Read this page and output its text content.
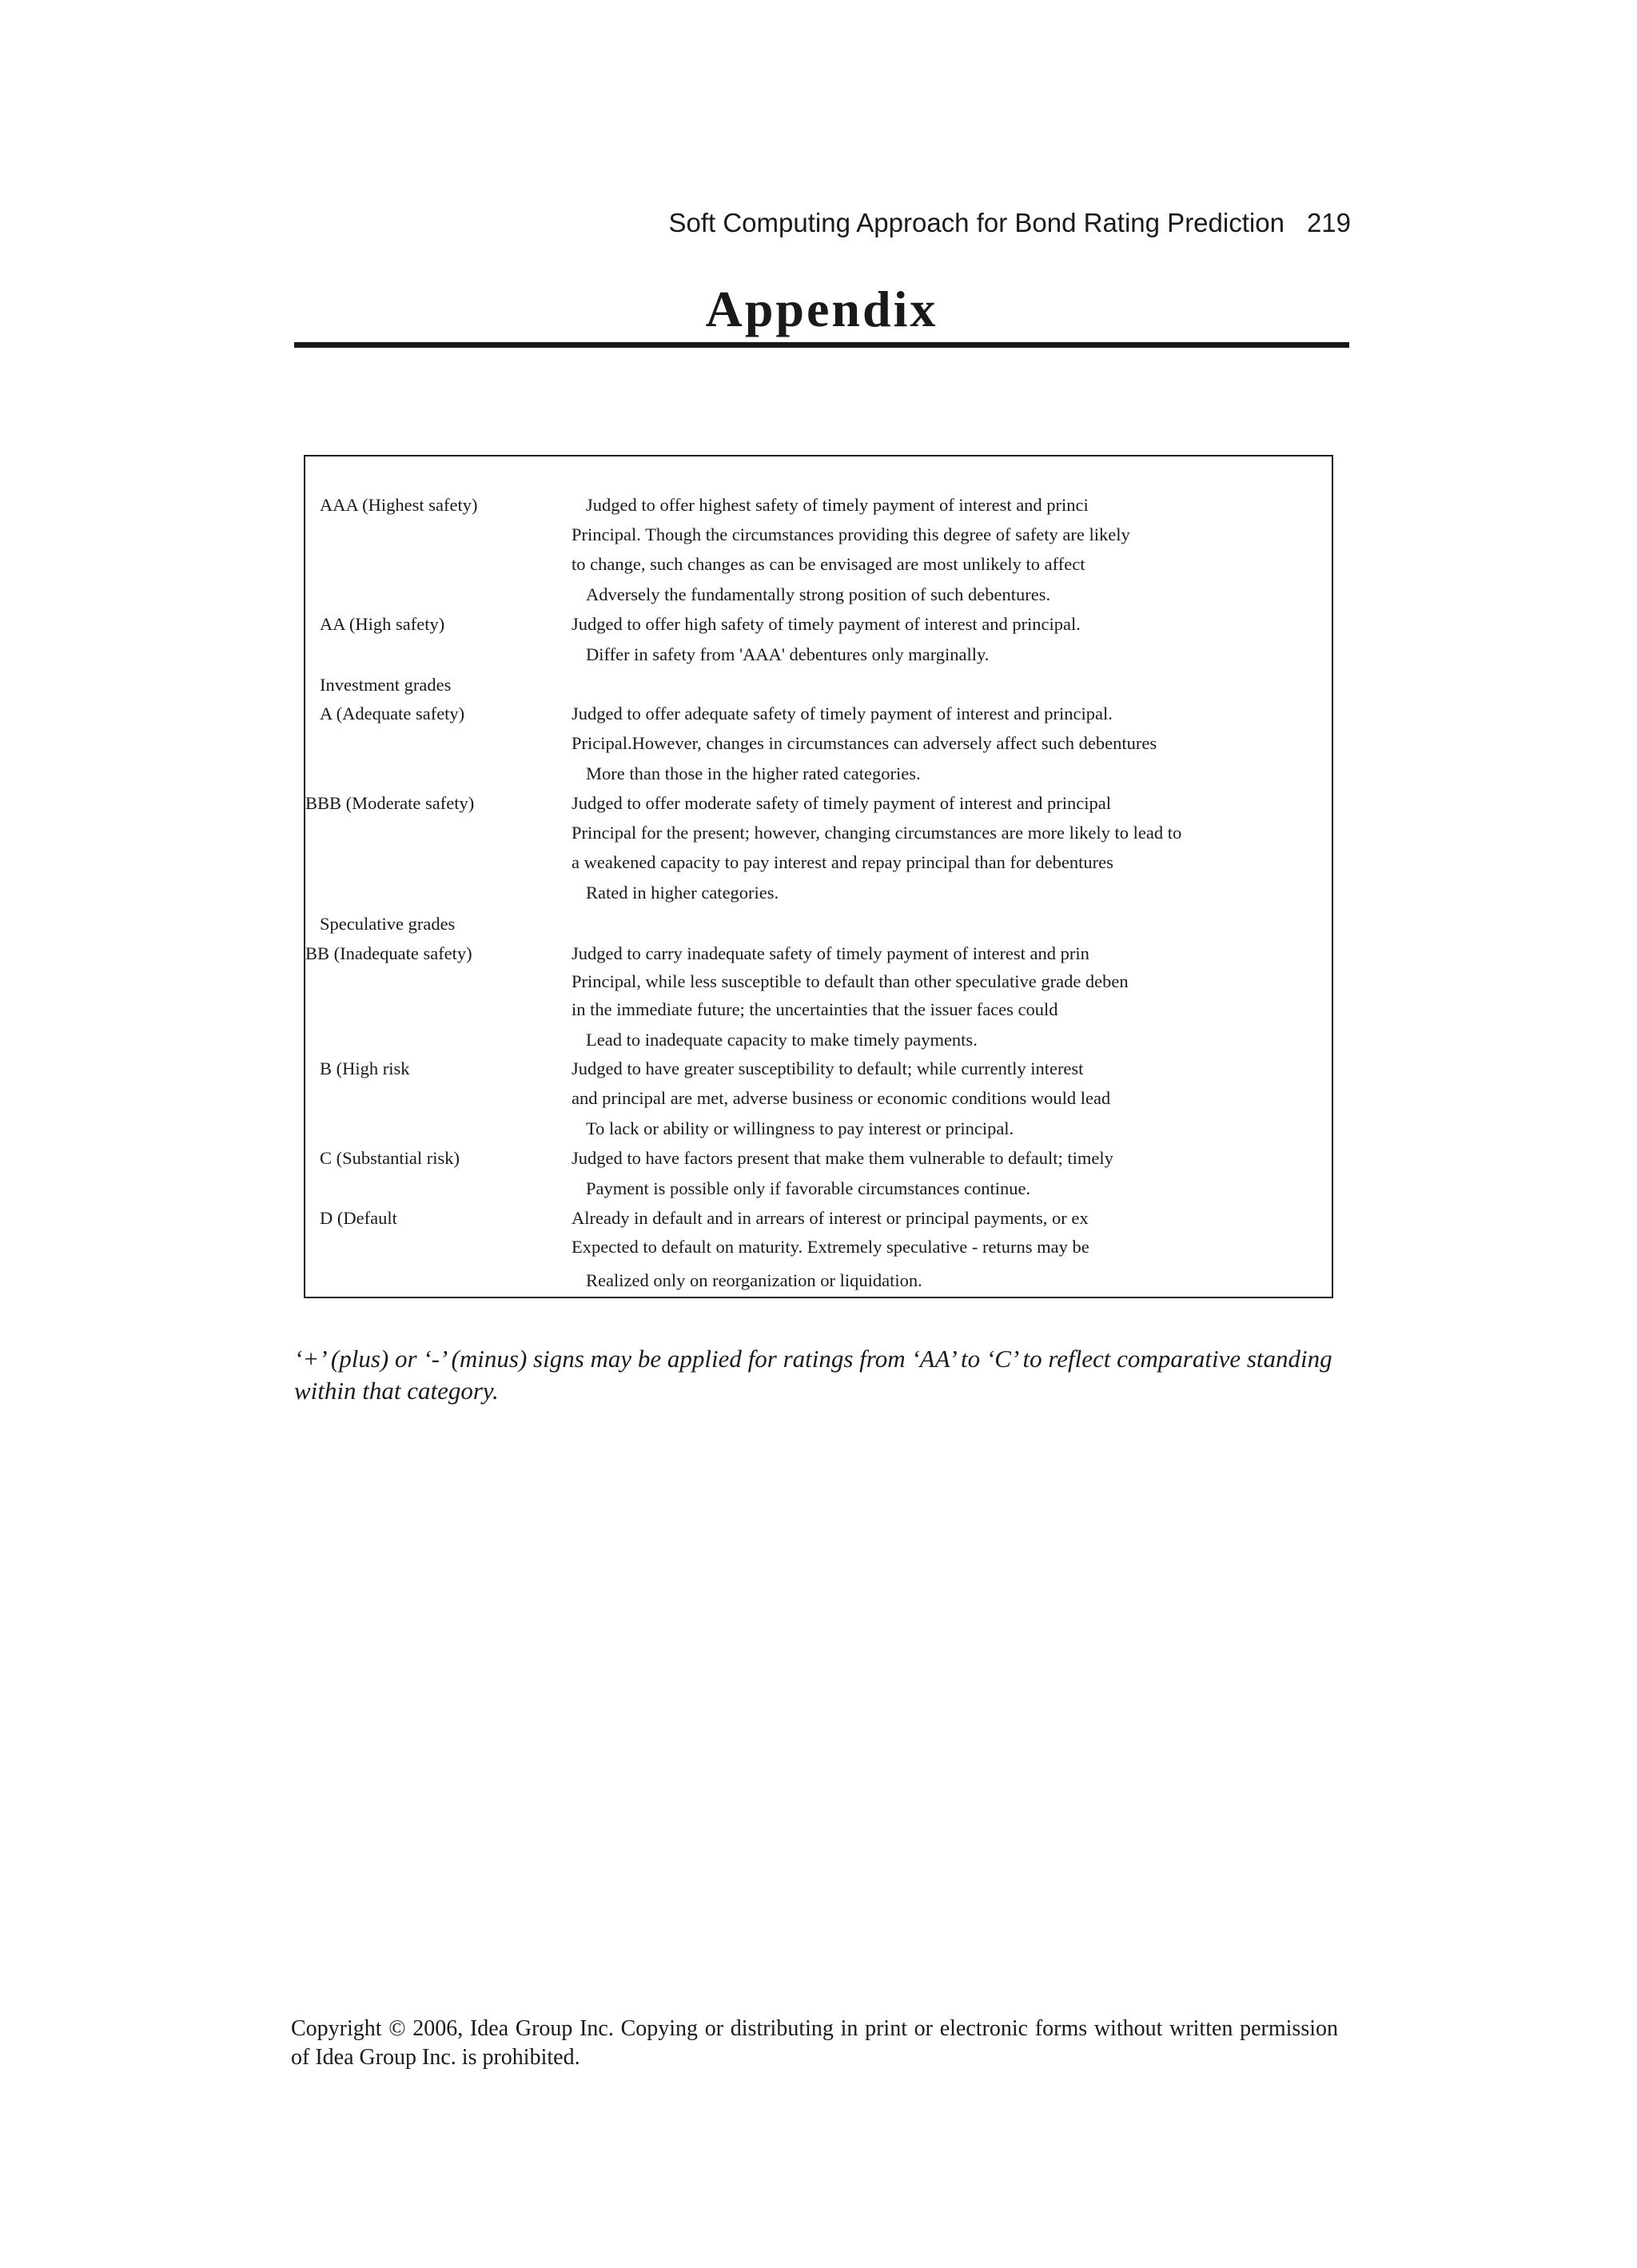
Soft Computing Approach for Bond Rating Prediction 219
Appendix
AAA (Highest safety)	Judged to offer highest safety of timely payment of interest and princi
Principal. Though the circumstances providing this degree of safety are likely
to change, such changes as can be envisaged are most unlikely to affect
Adversely the fundamentally strong position of such debentures.
AA (High safety)	Judged to offer high safety of timely payment of interest and principal.
Differ in safety from 'AAA' debentures only marginally.
Investment grades
A (Adequate safety)	Judged to offer adequate safety of timely payment of interest and principal.
Pricipal.However, changes in circumstances can adversely affect such debentures
More than those in the higher rated categories.
BBB (Moderate safety)	Judged to offer moderate safety of timely payment of interest and principal
Principal for the present; however, changing circumstances are more likely to lead to
a weakened capacity to pay interest and repay principal than for debentures
Rated in higher categories.
Speculative grades
BB (Inadequate safety)	Judged to carry inadequate safety of timely payment of interest and prin
Principal, while less susceptible to default than other speculative grade deben
in the immediate future; the uncertainties that the issuer faces could
Lead to inadequate capacity to make timely payments.
B (High risk	Judged to have greater susceptibility to default; while currently interest
and principal are met, adverse business or economic conditions would lead
To lack or ability or willingness to pay interest or principal.
C (Substantial risk)	Judged to have factors present that make them vulnerable to default; timely
Payment is possible only if favorable circumstances continue.
D (Default	Already in default and in arrears of interest or principal payments, or ex
Expected to default on maturity. Extremely speculative - returns may be
Realized only on reorganization or liquidation.
‘+’ (plus) or ‘-’ (minus) signs may be applied for ratings from ‘AA’ to ‘C’ to reflect comparative standing within that category.
Copyright © 2006, Idea Group Inc. Copying or distributing in print or electronic forms without written permission of Idea Group Inc. is prohibited.
